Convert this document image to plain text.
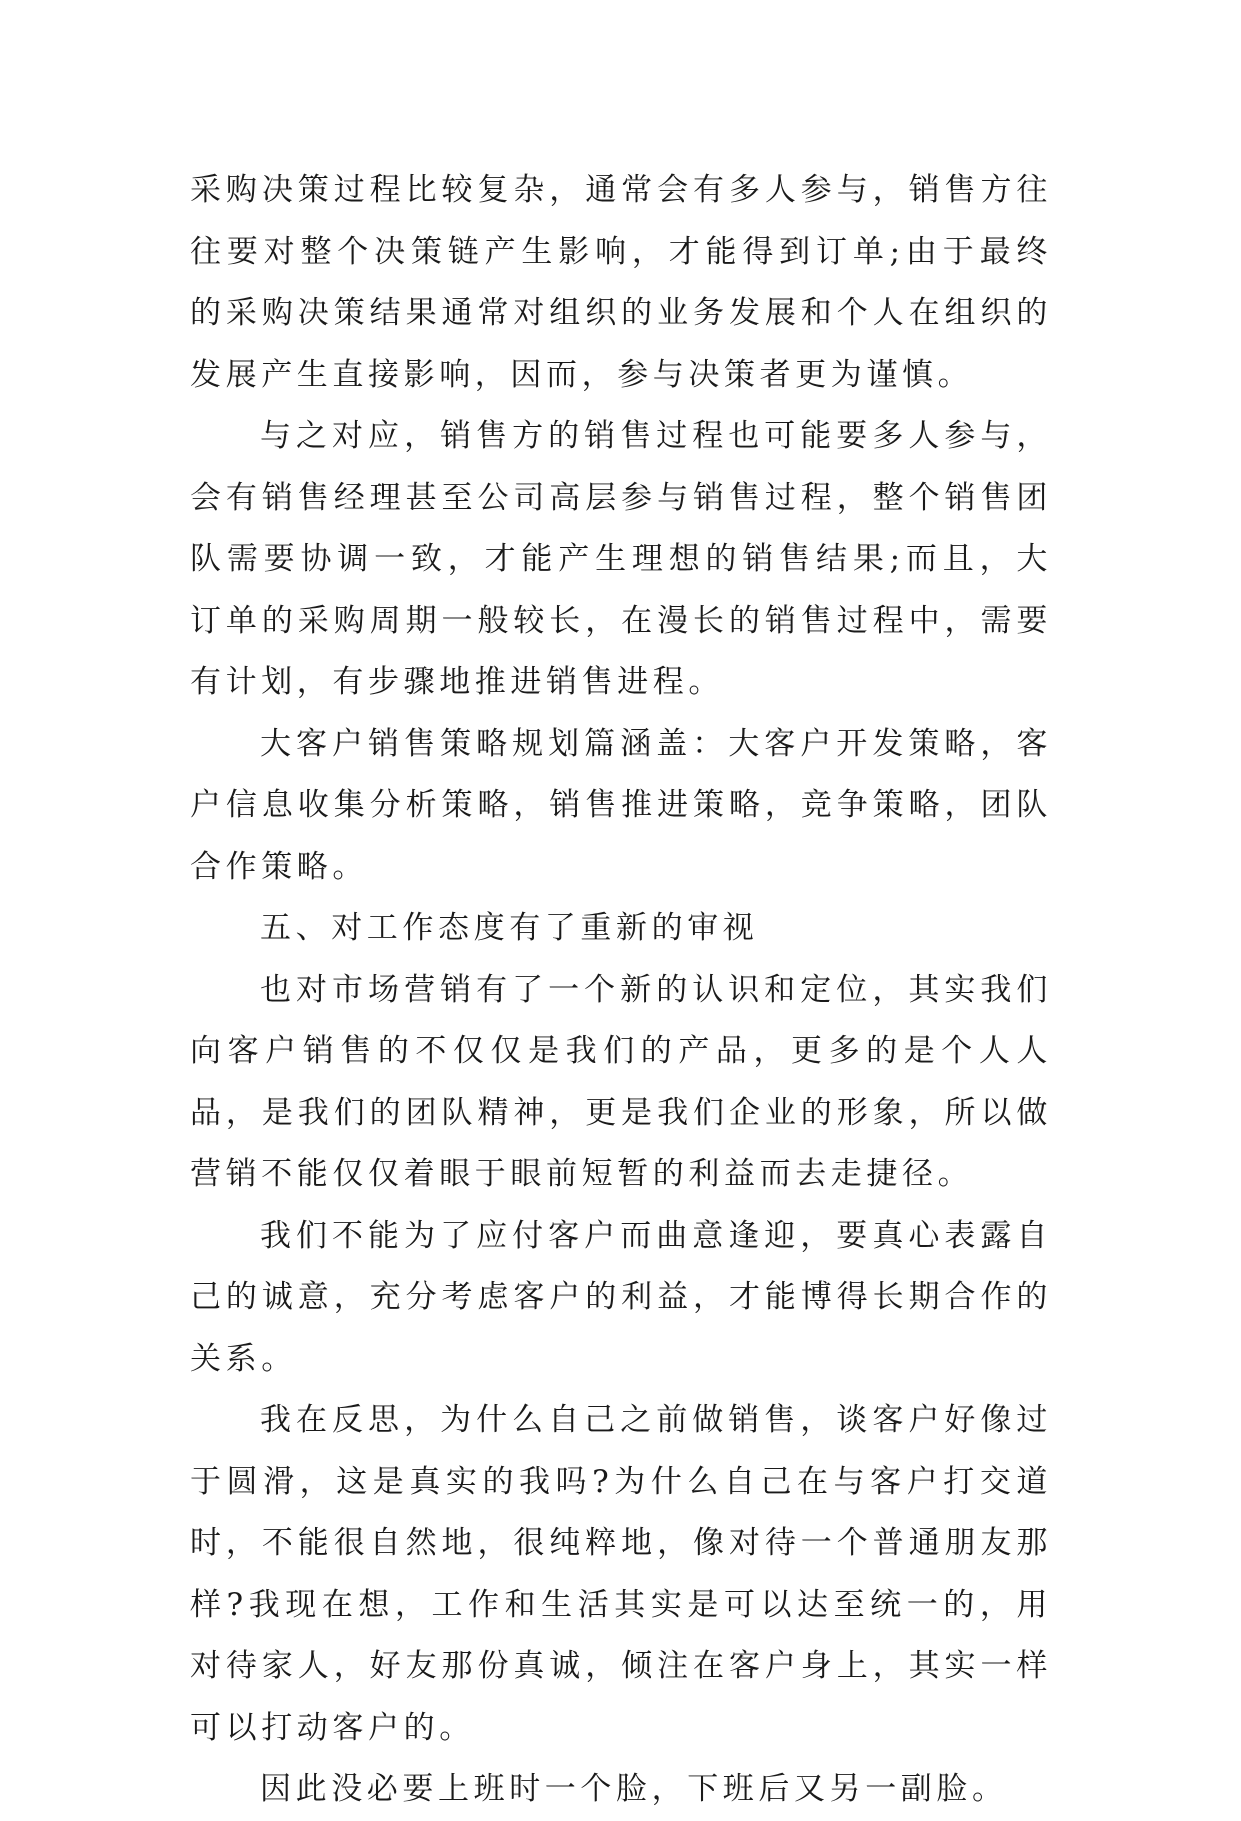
采购决策过程比较复杂，通常会有多人参与，销售方往往要对整个决策链产生影响，才能得到订单;由于最终的采购决策结果通常对组织的业务发展和个人在组织的发展产生直接影响，因而，参与决策者更为谨慎。

与之对应，销售方的销售过程也可能要多人参与，会有销售经理甚至公司高层参与销售过程，整个销售团队需要协调一致，才能产生理想的销售结果;而且，大订单的采购周期一般较长，在漫长的销售过程中，需要有计划，有步骤地推进销售进程。

大客户销售策略规划篇涵盖：大客户开发策略，客户信息收集分析策略，销售推进策略，竞争策略，团队合作策略。

五、对工作态度有了重新的审视

也对市场营销有了一个新的认识和定位，其实我们向客户销售的不仅仅是我们的产品，更多的是个人人品，是我们的团队精神，更是我们企业的形象，所以做营销不能仅仅着眼于眼前短暂的利益而去走捷径。

我们不能为了应付客户而曲意逢迎，要真心表露自己的诚意，充分考虑客户的利益，才能博得长期合作的关系。

我在反思，为什么自己之前做销售，谈客户好像过于圆滑，这是真实的我吗?为什么自己在与客户打交道时，不能很自然地，很纯粹地，像对待一个普通朋友那样?我现在想，工作和生活其实是可以达至统一的，用对待家人，好友那份真诚，倾注在客户身上，其实一样可以打动客户的。

因此没必要上班时一个脸，下班后又另一副脸。
